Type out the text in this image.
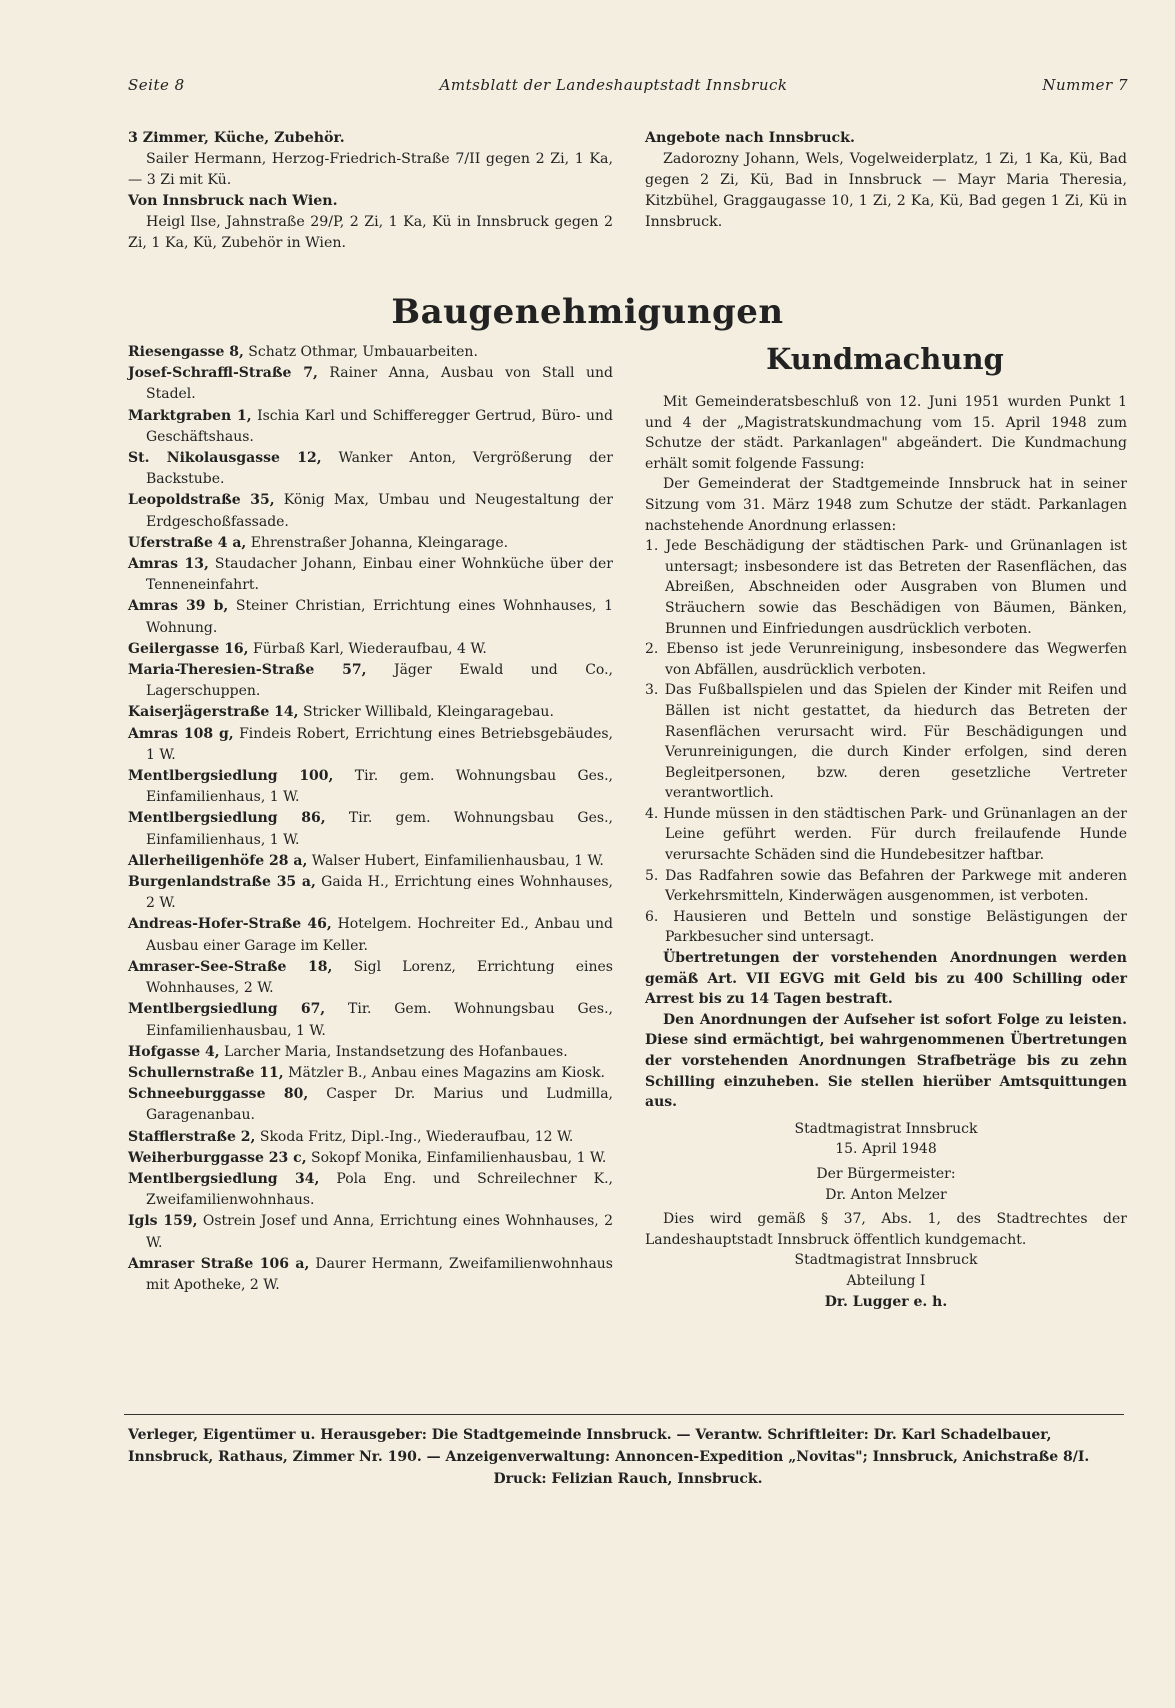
Seite 8	Amtsblatt der Landeshauptstadt Innsbruck	Nummer 7

3 Zimmer, Küche, Zubehör.

Sailer Hermann, Herzog-Friedrich-Straße 7/II gegen 2 Zi, 1 Ka, — 3 Zi mit Kü.

Von Innsbruck nach Wien.

Heigl Ilse, Jahnstraße 29/P, 2 Zi, 1 Ka, Kü in Innsbruck gegen 2 Zi, 1 Ka, Kü, Zubehör in Wien.

Angebote nach Innsbruck.

Zadorozny Johann, Wels, Vogelweiderplatz, 1 Zi, 1 Ka, Kü, Bad gegen 2 Zi, Kü, Bad in Innsbruck — Mayr Maria Theresia, Kitzbühel, Graggaugasse 10, 1 Zi, 2 Ka, Kü, Bad gegen 1 Zi, Kü in Innsbruck.

Baugenehmigungen

Riesengasse 8, Schatz Othmar, Umbauarbeiten.

Josef-Schraffl-Straße 7, Rainer Anna, Ausbau von Stall und Stadel.

Marktgraben 1, Ischia Karl und Schifferegger Gertrud, Büro- und Geschäftshaus.

St. Nikolausgasse 12, Wanker Anton, Vergrößerung der Backstube.

Leopoldstraße 35, König Max, Umbau und Neugestaltung der Erdgeschoßfassade.

Uferstraße 4 a, Ehrenstraßer Johanna, Kleingarage.

Amras 13, Staudacher Johann, Einbau einer Wohnküche über der Tenneneinfahrt.

Amras 39 b, Steiner Christian, Errichtung eines Wohnhauses, 1 Wohnung.

Geilergasse 16, Fürbaß Karl, Wiederaufbau, 4 W.

Maria-Theresien-Straße 57, Jäger Ewald und Co., Lagerschuppen.

Kaiserjägerstraße 14, Stricker Willibald, Kleingaragebau.

Amras 108 g, Findeis Robert, Errichtung eines Betriebsgebäudes, 1 W.

Mentlbergsiedlung 100, Tir. gem. Wohnungsbau Ges., Einfamilienhaus, 1 W.

Mentlbergsiedlung 86, Tir. gem. Wohnungsbau Ges., Einfamilienhaus, 1 W.

Allerheiligenhöfe 28 a, Walser Hubert, Einfamilienhausbau, 1 W.

Burgenlandstraße 35 a, Gaida H., Errichtung eines Wohnhauses, 2 W.

Andreas-Hofer-Straße 46, Hotelgem. Hochreiter Ed., Anbau und Ausbau einer Garage im Keller.

Amraser-See-Straße 18, Sigl Lorenz, Errichtung eines Wohnhauses, 2 W.

Mentlbergsiedlung 67, Tir. Gem. Wohnungsbau Ges., Einfamilienhausbau, 1 W.

Hofgasse 4, Larcher Maria, Instandsetzung des Hofanbaues.

Schullernstraße 11, Mätzler B., Anbau eines Magazins am Kiosk.

Schneeburggasse 80, Casper Dr. Marius und Ludmilla, Garagenanbau.

Stafflerstraße 2, Skoda Fritz, Dipl.-Ing., Wiederaufbau, 12 W.

Weiherburggasse 23 c, Sokopf Monika, Einfamilienhausbau, 1 W.

Mentlbergsiedlung 34, Pola Eng. und Schreilechner K., Zweifamilienwohnhaus.

Igls 159, Ostrein Josef und Anna, Errichtung eines Wohnhauses, 2 W.

Amraser Straße 106 a, Daurer Hermann, Zweifamilienwohnhaus mit Apotheke, 2 W.

Kundmachung

Mit Gemeinderatsbeschluß von 12. Juni 1951 wurden Punkt 1 und 4 der „Magistratskundmachung vom 15. April 1948 zum Schutze der städt. Parkanlagen" abgeändert. Die Kundmachung erhält somit folgende Fassung:

Der Gemeinderat der Stadtgemeinde Innsbruck hat in seiner Sitzung vom 31. März 1948 zum Schutze der städt. Parkanlagen nachstehende Anordnung erlassen:

1. Jede Beschädigung der städtischen Park- und Grünanlagen ist untersagt; insbesondere ist das Betreten der Rasenflächen, das Abreißen, Abschneiden oder Ausgraben von Blumen und Sträuchern sowie das Beschädigen von Bäumen, Bänken, Brunnen und Einfriedungen ausdrücklich verboten.

2. Ebenso ist jede Verunreinigung, insbesondere das Wegwerfen von Abfällen, ausdrücklich verboten.

3. Das Fußballspielen und das Spielen der Kinder mit Reifen und Bällen ist nicht gestattet, da hiedurch das Betreten der Rasenflächen verursacht wird. Für Beschädigungen und Verunreinigungen, die durch Kinder erfolgen, sind deren Begleitpersonen, bzw. deren gesetzliche Vertreter verantwortlich.

4. Hunde müssen in den städtischen Park- und Grünanlagen an der Leine geführt werden. Für durch freilaufende Hunde verursachte Schäden sind die Hundebesitzer haftbar.

5. Das Radfahren sowie das Befahren der Parkwege mit anderen Verkehrsmitteln, Kinderwägen ausgenommen, ist verboten.

6. Hausieren und Betteln und sonstige Belästigungen der Parkbesucher sind untersagt.

Übertretungen der vorstehenden Anordnungen werden gemäß Art. VII EGVG mit Geld bis zu 400 Schilling oder Arrest bis zu 14 Tagen bestraft.

Den Anordnungen der Aufseher ist sofort Folge zu leisten. Diese sind ermächtigt, bei wahrgenommenen Übertretungen der vorstehenden Anordnungen Strafbeträge bis zu zehn Schilling einzuheben. Sie stellen hierüber Amtsquittungen aus.

Stadtmagistrat Innsbruck

15. April 1948

Der Bürgermeister:

Dr. Anton Melzer

Dies wird gemäß § 37, Abs. 1, des Stadtrechtes der Landeshauptstadt Innsbruck öffentlich kundgemacht.

Stadtmagistrat Innsbruck

Abteilung I

Dr. Lugger e. h.

Verleger, Eigentümer u. Herausgeber: Die Stadtgemeinde Innsbruck. — Verantw. Schriftleiter: Dr. Karl Schadelbauer,

Innsbruck, Rathaus, Zimmer Nr. 190. — Anzeigenverwaltung: Annoncen-Expedition „Novitas"; Innsbruck, Anichstraße 8/I.

Druck: Felizian Rauch, Innsbruck.
